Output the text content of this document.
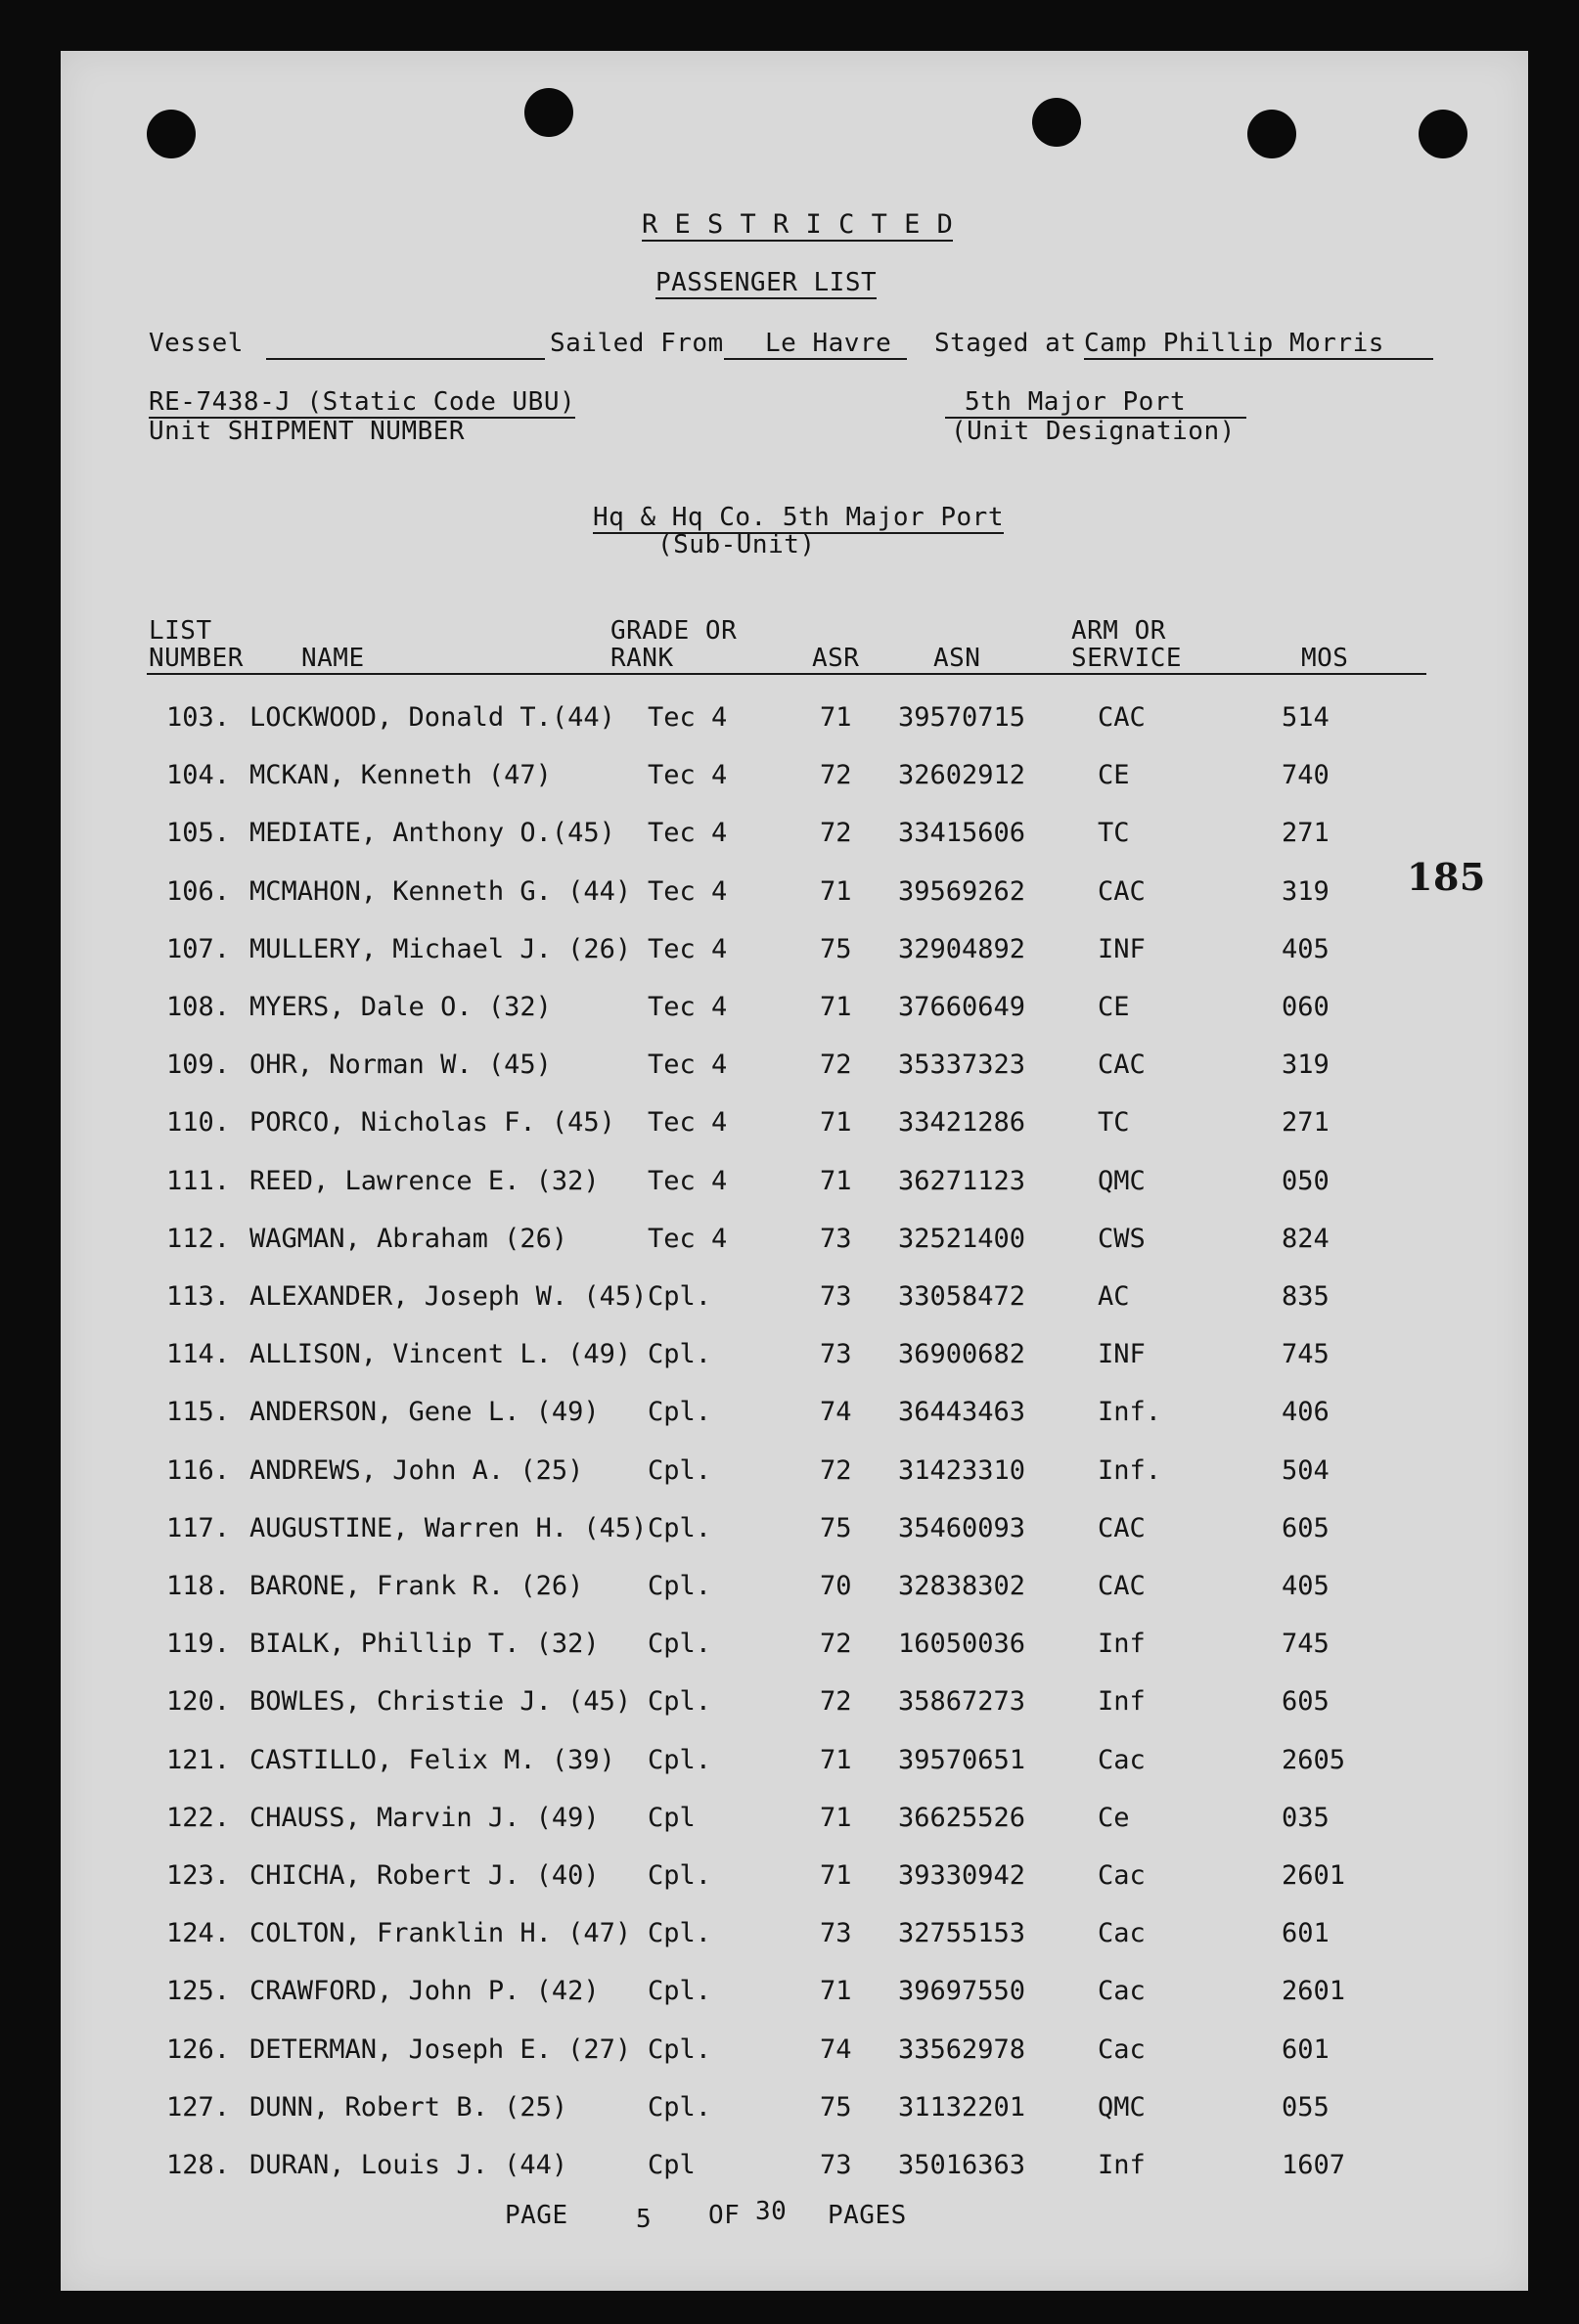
R E S T R I C T E D
PASSENGER LIST
Vessel	Sailed From	Le Havre	Staged at Camp Phillip Morris
RE-7438-J (Static Code UBU)
Unit SHIPMENT NUMBER
5th Major Port
(Unit Designation)
Hq & Hq Co. 5th Major Port
(Sub-Unit)
185
LIST
NUMBER NAME
GRADE OR
RANK	ASR	ASN
ARM OR
SERVICE	MOS
103. LOCKWOOD, Donald T.(44) Tec 4	71 39570715	CAC	514
104. MCKAN, Kenneth (47)	Tec 4	72 32602912	CE	740
105. MEDIATE, Anthony O.(45) Tec 4	72 33415606	TC	271
106. MCMAHON, Kenneth G. (44) Tec 4	71 39569262	CAC	319
107. MULLERY, Michael J. (26) Tec 4	75 32904892	INF	405
108. MYERS, Dale O. (32)	Tec 4	71 37660649	CE	060
109. OHR, Norman W. (45)	Tec 4	72 35337323	CAC	319
110. PORCO, Nicholas F. (45) Tec 4	71 33421286	TC	271
111. REED, Lawrence E. (32) Tec 4	71 36271123	QMC	050
112. WAGMAN, Abraham (26)	Tec 4	73 32521400	CWS	824
113. ALEXANDER, Joseph W. (45) Cpl.	73 33058472	AC	835
114. ALLISON, Vincent L. (49) Cpl.	73 36900682	INF	745
115. ANDERSON, Gene L. (49) Cpl.	74 36443463	Inf.	406
116. ANDREWS, John A. (25) Cpl.	72 31423310	Inf.	504
117. AUGUSTINE, Warren H. (45) Cpl.	75 35460093	CAC	605
118. BARONE, Frank R. (26) Cpl.	70 32838302	CAC	405
119. BIALK, Phillip T. (32) Cpl.	72 16050036	Inf	745
120. BOWLES, Christie J. (45) Cpl.	72 35867273	Inf	605
121. CASTILLO, Felix M. (39) Cpl.	71 39570651	Cac	2605
122. CHAUSS, Marvin J. (49) Cpl	71 36625526	Ce	035
123. CHICHA, Robert J. (40) Cpl.	71 39330942	Cac	2601
124. COLTON, Franklin H. (47) Cpl.	73 32755153	Cac	601
125. CRAWFORD, John P. (42) Cpl.	71 39697550	Cac	2601
126. DETERMAN, Joseph E. (27) Cpl.	74 33562978	Cac	601
127. DUNN, Robert B. (25)	Cpl.	75 31132201	QMC	055
128. DURAN, Louis J. (44)	Cpl	73 35016363	Inf	1607
PAGE	5 OF 30 PAGES
